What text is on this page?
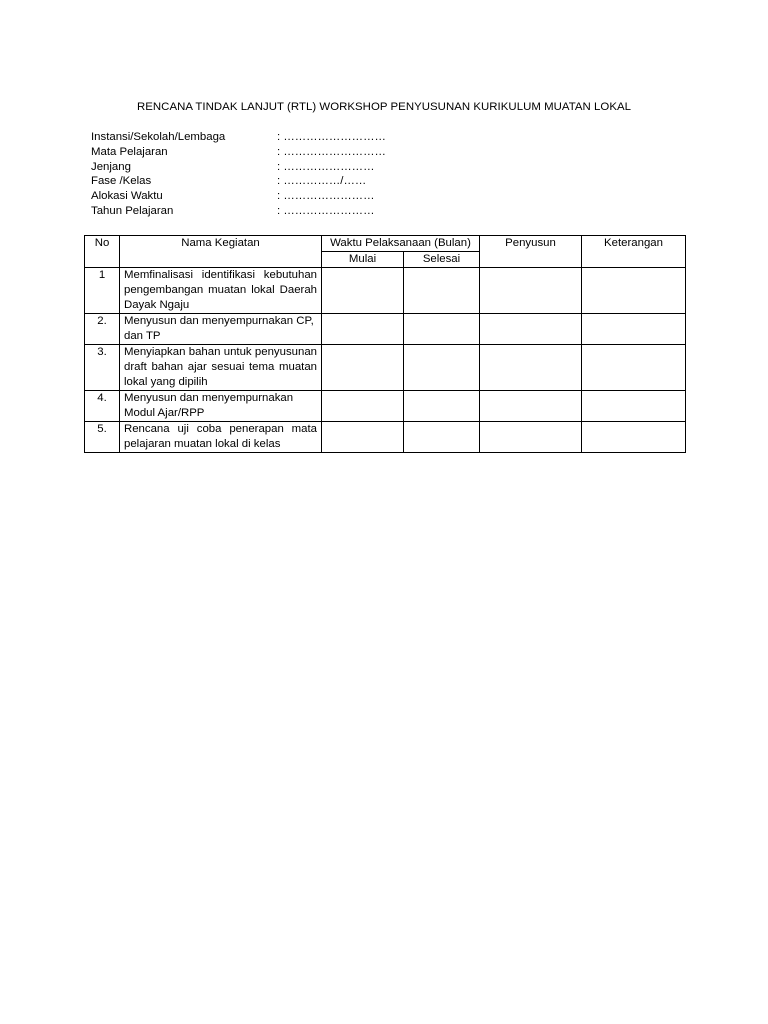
RENCANA TINDAK LANJUT (RTL) WORKSHOP PENYUSUNAN KURIKULUM MUATAN LOKAL
Instansi/Sekolah/Lembaga	: ………………………
Mata Pelajaran	: ………………………
Jenjang	: ……………………
Fase /Kelas	: ……………/……
Alokasi Waktu	: ……………………
Tahun Pelajaran	: ……………………
No	Nama Kegiatan	Waktu Pelaksanaan (Bulan)		Penyusun	Keterangan
		Mulai	Selesai		
1	Memfinalisasi identifikasi kebutuhan pengembangan muatan lokal Daerah Dayak Ngaju				
2.	Menyusun dan menyempurnakan CP, dan TP				
3.	Menyiapkan bahan untuk penyusunan draft bahan ajar sesuai tema muatan lokal yang dipilih				
4.	Menyusun dan menyempurnakan Modul Ajar/RPP				
5.	Rencana uji coba penerapan mata pelajaran muatan lokal di kelas				
